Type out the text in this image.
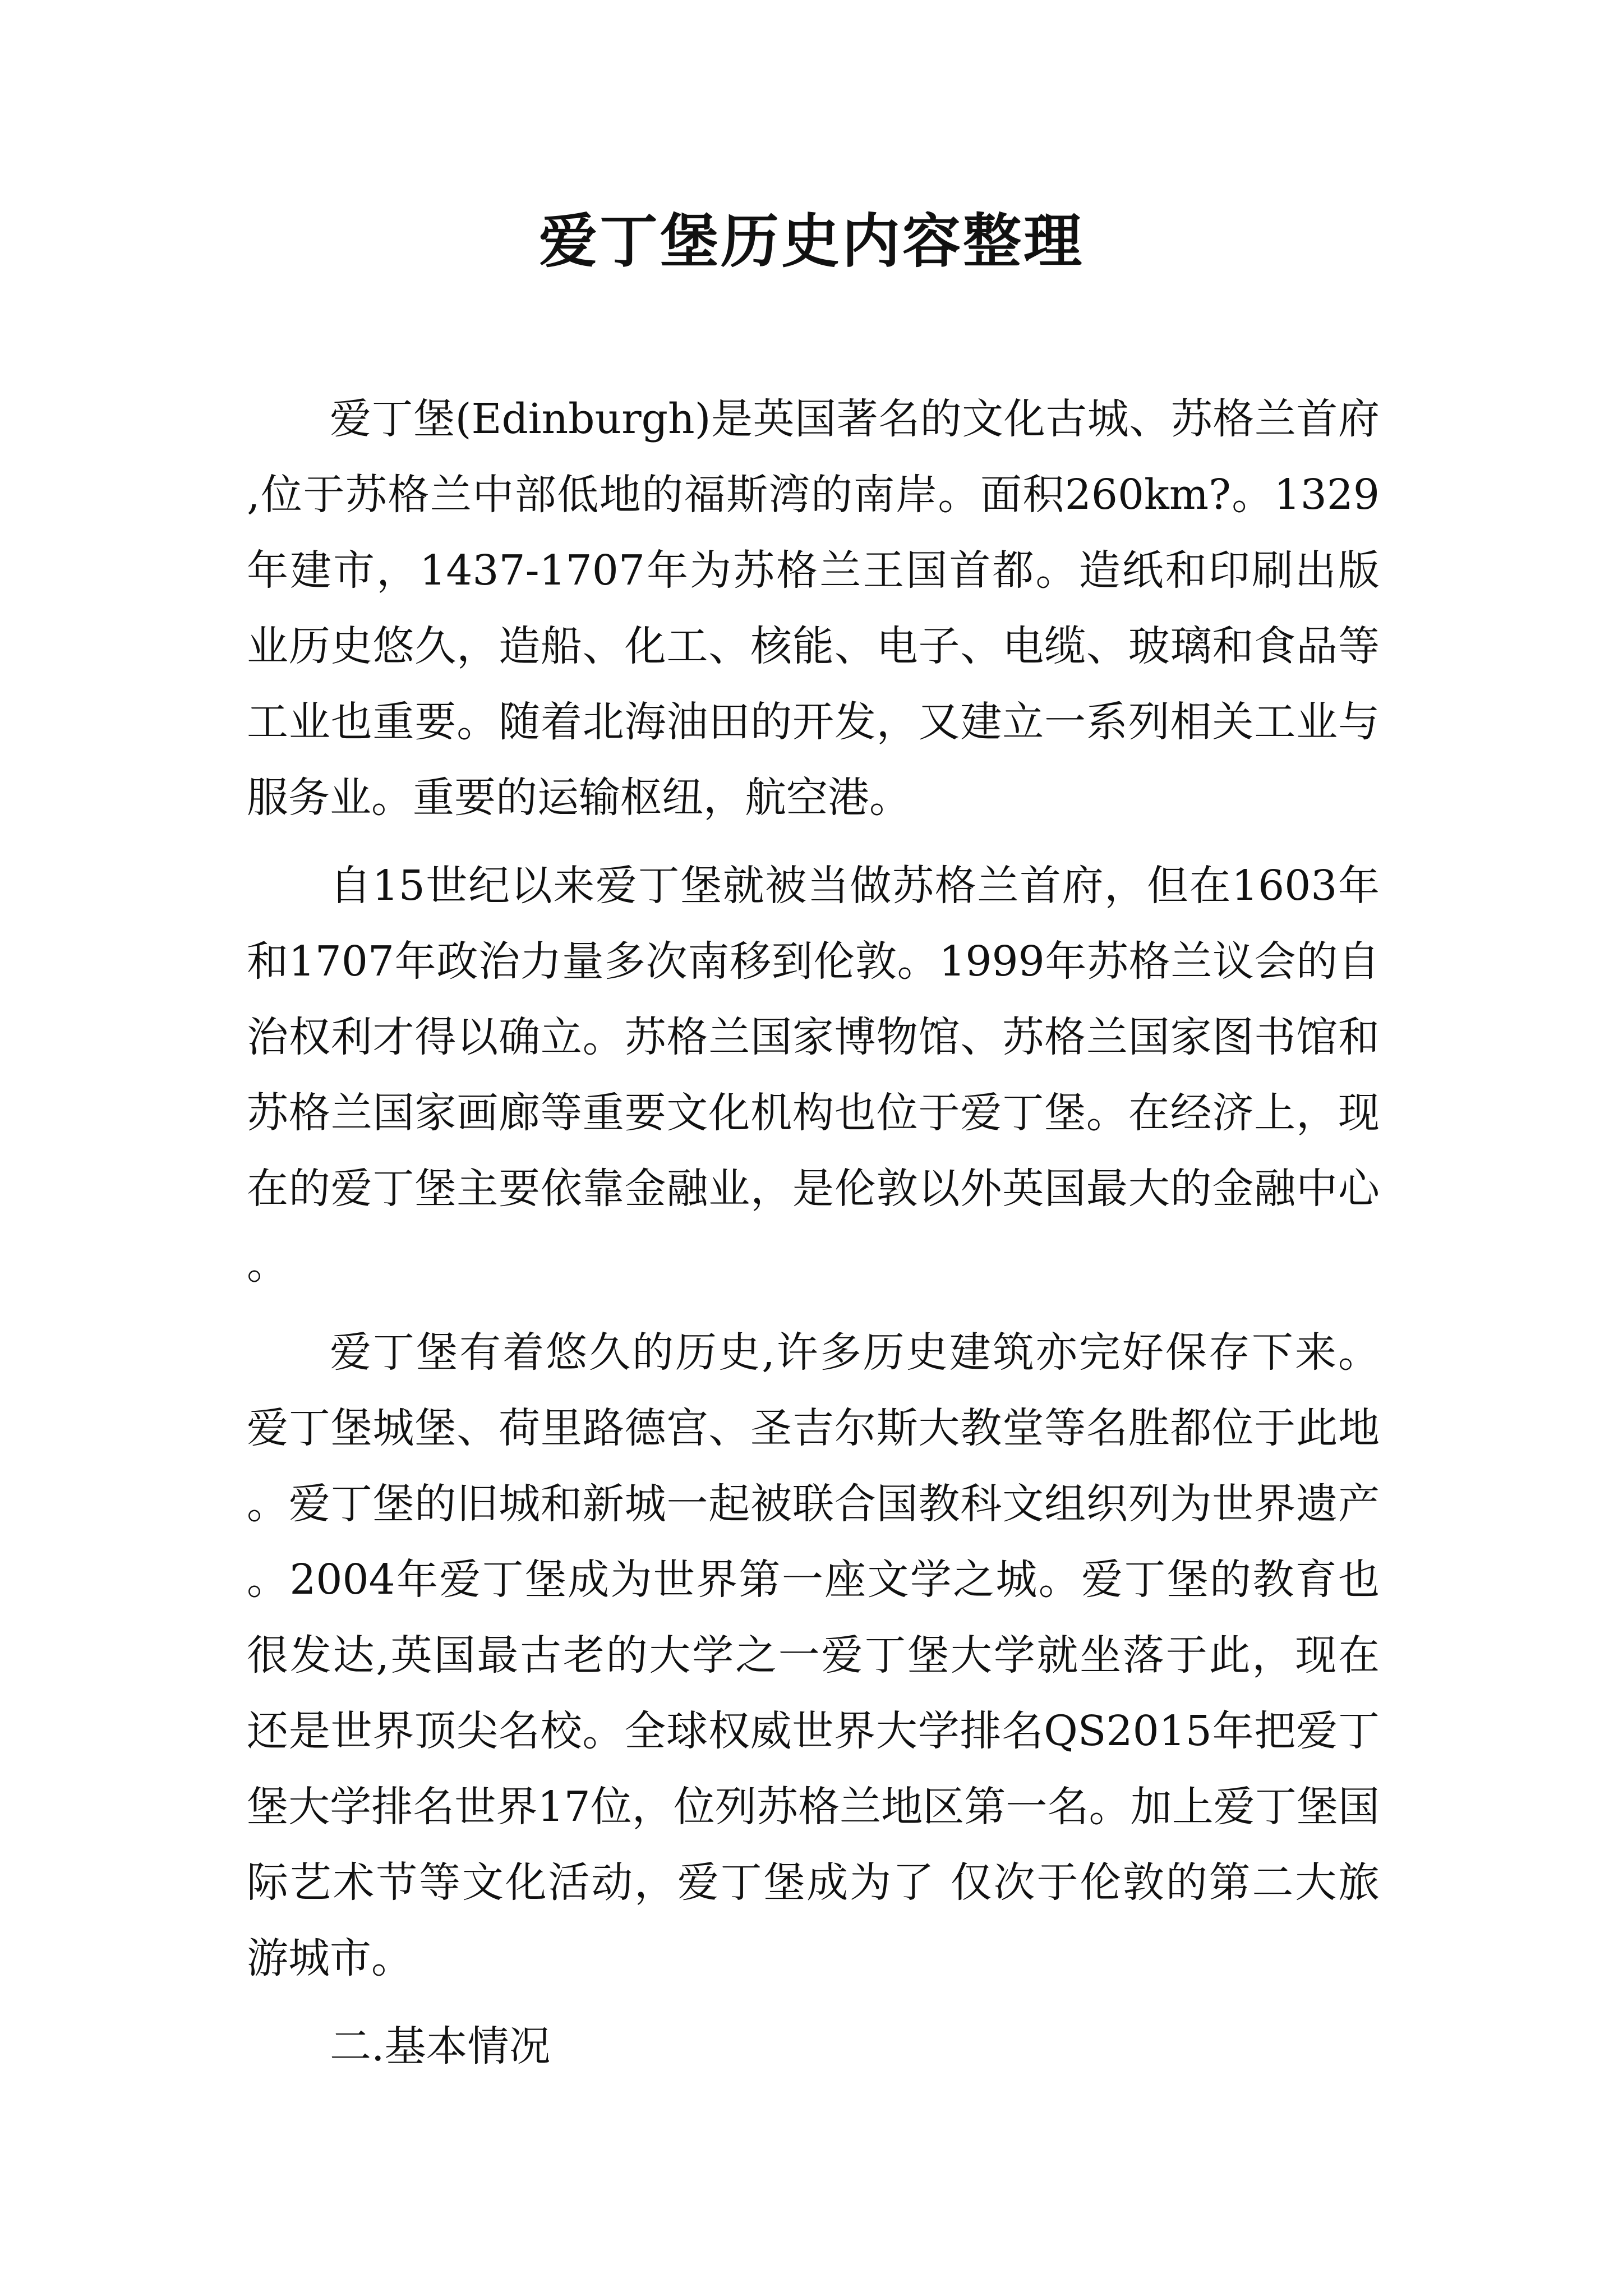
爱丁堡历史内容整理

爱丁堡(Edinburgh)是英国著名的文化古城、苏格兰首府,位于苏格兰中部低地的福斯湾的南岸。面积260km?。1329年建市，1437-1707年为苏格兰王国首都。造纸和印刷出版业历史悠久，造船、化工、核能、电子、电缆、玻璃和食品等工业也重要。随着北海油田的开发，又建立一系列相关工业与服务业。重要的运输枢纽，航空港。

自15世纪以来爱丁堡就被当做苏格兰首府，但在1603年和1707年政治力量多次南移到伦敦。1999年苏格兰议会的自治权利才得以确立。苏格兰国家博物馆、苏格兰国家图书馆和苏格兰国家画廊等重要文化机构也位于爱丁堡。在经济上，现在的爱丁堡主要依靠金融业，是伦敦以外英国最大的金融中心。

爱丁堡有着悠久的历史,许多历史建筑亦完好保存下来。爱丁堡城堡、荷里路德宫、圣吉尔斯大教堂等名胜都位于此地。爱丁堡的旧城和新城一起被联合国教科文组织列为世界遗产。2004年爱丁堡成为世界第一座文学之城。爱丁堡的教育也很发达,英国最古老的大学之一爱丁堡大学就坐落于此，现在还是世界顶尖名校。全球权威世界大学排名QS2015年把爱丁堡大学排名世界17位，位列苏格兰地区第一名。加上爱丁堡国际艺术节等文化活动，爱丁堡成为了 仅次于伦敦的第二大旅游城市。

二.基本情况
